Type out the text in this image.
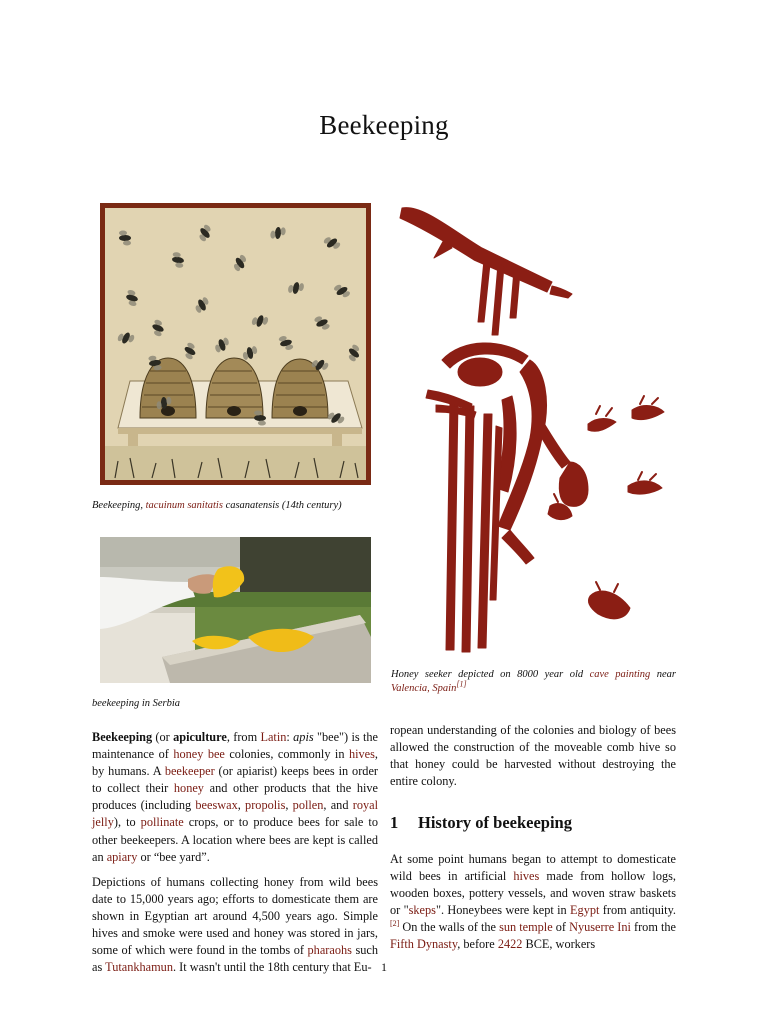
Beekeeping

Beekeeping, tacuinum sanitatis casanatensis (14th century)

beekeeping in Serbia

Honey seeker depicted on 8000 year old cave painting near Valencia, Spain[1]

Beekeeping (or apiculture, from Latin: apis "bee") is the maintenance of honey bee colonies, commonly in hives, by humans. A beekeeper (or apiarist) keeps bees in order to collect their honey and other products that the hive produces (including beeswax, propolis, pollen, and royal jelly), to pollinate crops, or to produce bees for sale to other beekeepers. A location where bees are kept is called an apiary or “bee yard”.

Depictions of humans collecting honey from wild bees date to 15,000 years ago; efforts to domesticate them are shown in Egyptian art around 4,500 years ago. Simple hives and smoke were used and honey was stored in jars, some of which were found in the tombs of pharaohs such as Tutankhamun. It wasn't until the 18th century that Eu-

ropean understanding of the colonies and biology of bees allowed the construction of the moveable comb hive so that honey could be harvested without destroying the entire colony.

1 History of beekeeping

At some point humans began to attempt to domesticate wild bees in artificial hives made from hollow logs, wooden boxes, pottery vessels, and woven straw baskets or "skeps". Honeybees were kept in Egypt from antiquity.[2] On the walls of the sun temple of Nyuserre Ini from the Fifth Dynasty, before 2422 BCE, workers

1
